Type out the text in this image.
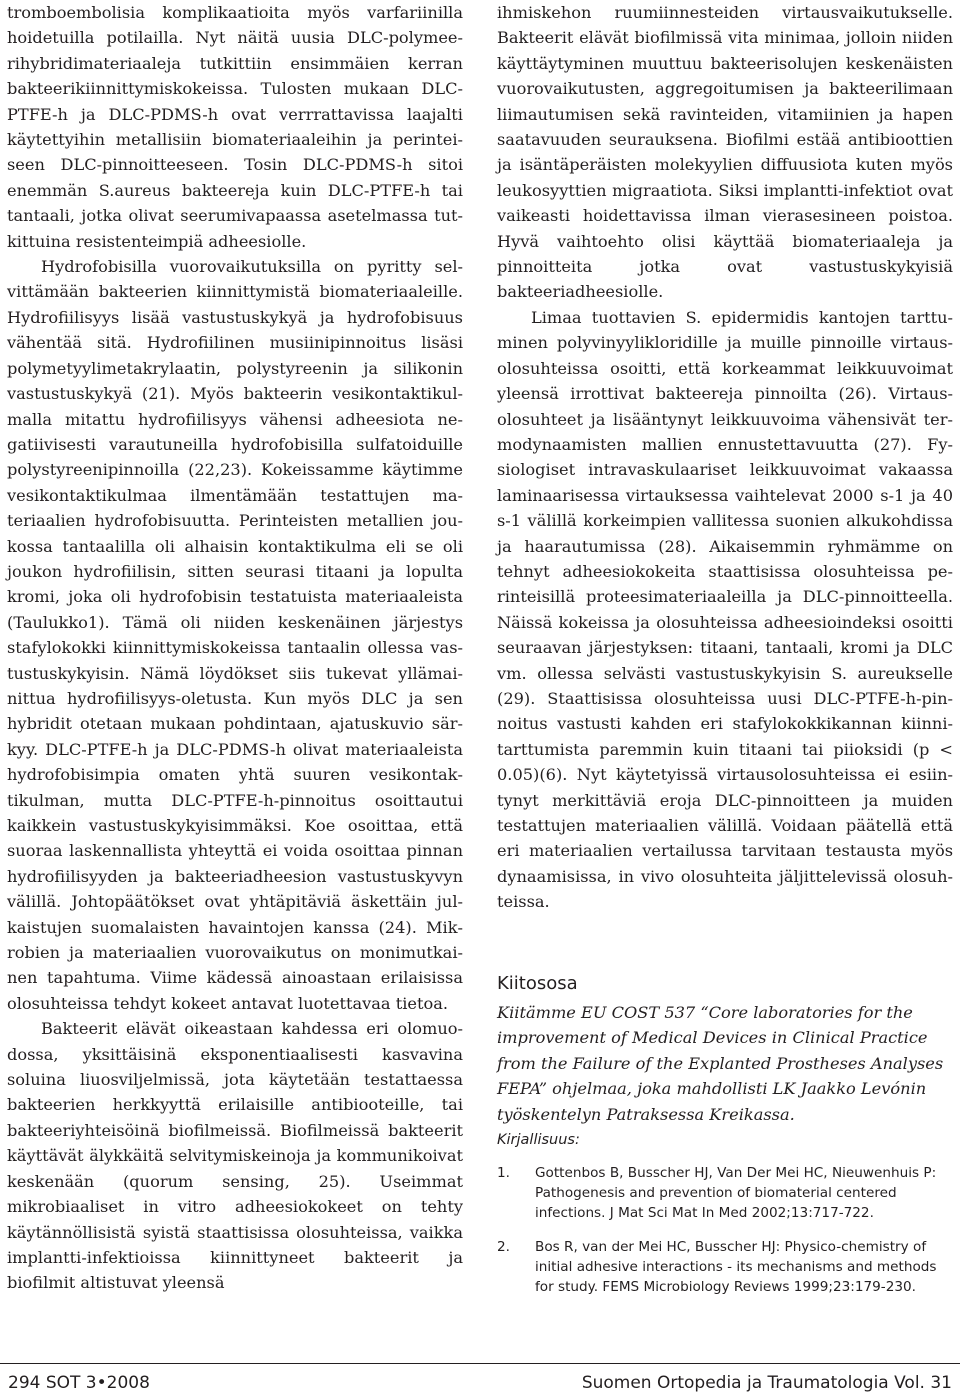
tromboembolisia komplikaatioita myös varfariinilla hoidetuilla potilailla. Nyt näitä uusia DLC-polymeerihybridimateriaaleja tutkittiin ensimmäien kerran bakteerikiinnittymiskokeissa. Tulosten mukaan DLC-PTFE-h ja DLC-PDMS-h ovat verrrattavissa laajalti käytettyihin metallisiin biomateriaaleihin ja perinteiseen DLC-pinnoitteeseen. Tosin DLC-PDMS-h sitoi enemmän S.aureus bakteereja kuin DLC-PTFE-h tai tantaali, jotka olivat seerumivapaassa asetelmassa tutkittuina resistenteimpiä adheesiolle.

Hydrofobisilla vuorovaikutuksilla on pyritty selvittämään bakteerien kiinnittymistä biomateriaaleille. Hydrofiilisyys lisää vastustuskykyä ja hydrofobisuus vähentää sitä. Hydrofiilinen musiinipinnoitus lisäsi polymetyylimetakrylaatin, polystyreenin ja silikonin vastustuskykyä (21). Myös bakteerin vesikontaktikulmalla mitattu hydrofiilisyys vähensi adheesiota negatiivisesti varautuneilla hydrofobisilla sulfatoiduille polystyreenipinnoilla (22,23). Kokeissamme käytimme vesikontaktikulmaa ilmentämään testattujen materiaalien hydrofobisuutta. Perinteisten metallien joukossa tantaalilla oli alhaisin kontaktikulma eli se oli joukon hydrofiilisin, sitten seurasi titaani ja lopulta kromi, joka oli hydrofobisin testatuista materiaaleista (Taulukko1). Tämä oli niiden keskenäinen järjestys stafylokokki kiinnittymiskokeissa tantaalin ollessa vastustuskykyisin. Nämä löydökset siis tukevat yllämainittua hydrofiilisyys-oletusta. Kun myös DLC ja sen hybridit otetaan mukaan pohdintaan, ajatuskuvio särkyy. DLC-PTFE-h ja DLC-PDMS-h olivat materiaaleista hydrofobisimpia omaten yhtä suuren vesikontaktikulman, mutta DLC-PTFE-h-pinnoitus osoittautui kaikkein vastustuskykyisimmäksi. Koe osoittaa, että suoraa laskennallista yhteyttä ei voida osoittaa pinnan hydrofiilisyyden ja bakteeriadheesion vastustuskyvyn välillä. Johtopäätökset ovat yhtäpitäviä äskettäin julkaistujen suomalaisten havaintojen kanssa (24). Mikrobien ja materiaalien vuorovaikutus on monimutkainen tapahtuma. Viime kädessä ainoastaan erilaisissa olosuhteissa tehdyt kokeet antavat luotettavaa tietoa.

Bakteerit elävät oikeastaan kahdessa eri olomuodossa, yksittäisinä eksponentiaalisesti kasvavina soluina liuosviljelmissä, jota käytetään testattaessa bakteerien herkkyyttä erilaisille antibiooteille, tai bakteeriyhteisöinä biofilmeissä. Biofilmeissä bakteerit käyttävät älykkäitä selvitymiskeinoja ja kommunikoivat keskenään (quorum sensing, 25). Useimmat mikrobiaaliset in vitro adheesiokokeet on tehty käytännöllisistä syistä staattisissa olosuhteissa, vaikka implantti-infektioissa kiinnittyneet bakteerit ja biofilmit altistuvat yleensä

ihmiskehon ruumiinnesteiden virtausvaikutukselle. Bakteerit elävät biofilmissä vita minimaa, jolloin niiden käyttäytyminen muuttuu bakteerisolujen keskenäisten vuorovaikutusten, aggregoitumisen ja bakteerilimaan liimautumisen sekä ravinteiden, vitamiinien ja hapen saatavuuden seurauksena. Biofilmi estää antibioottien ja isäntäperäisten molekyylien diffuusiota kuten myös leukosyyttien migraatiota. Siksi implantti-infektiot ovat vaikeasti hoidettavissa ilman vierasesineen poistoa. Hyvä vaihtoehto olisi käyttää biomateriaaleja ja pinnoitteita jotka ovat vastustuskykyisiä bakteeriadheesiolle.

Limaa tuottavien S. epidermidis kantojen tarttuminen polyvinyylikloridille ja muille pinnoille virtausolosuhteissa osoitti, että korkeammat leikkuuvoimat yleensä irrottivat bakteereja pinnoilta (26). Virtausolosuhteet ja lisääntynyt leikkuuvoima vähensivät termodynaamisten mallien ennustettavuutta (27). Fysiologiset intravaskulaariset leikkuuvoimat vakaassa laminaarisessa virtauksessa vaihtelevat 2000 s-1 ja 40 s-1 välillä korkeimpien vallitessa suonien alkukohdissa ja haarautumissa (28). Aikaisemmin ryhmämme on tehnyt adheesiokokeita staattisissa olosuhteissa perinteisillä proteesimateriaaleilla ja DLC-pinnoitteella. Näissä kokeissa ja olosuhteissa adheesioindeksi osoitti seuraavan järjestyksen: titaani, tantaali, kromi ja DLC vm. ollessa selvästi vastustuskykyisin S. aureukselle (29). Staattisissa olosuhteissa uusi DLC-PTFE-h-pinnoitus vastusti kahden eri stafylokokkikannan kiinnitarttumista paremmin kuin titaani tai piioksidi (p < 0.05)(6). Nyt käytetyissä virtausolosuhteissa ei esiintynyt merkittäviä eroja DLC-pinnoitteen ja muiden testattujen materiaalien välillä. Voidaan päätellä että eri materiaalien vertailussa tarvitaan testausta myös dynaamisissa, in vivo olosuhteita jäljittelevissä olosuhteissa.

Kiitososa

Kiitämme EU COST 537 “Core laboratories for the improvement of Medical Devices in Clinical Practice from the Failure of the Explanted Prostheses Analyses FEPA” ohjelmaa, joka mahdollisti LK Jaakko Levónin työskentelyn Patraksessa Kreikassa.

Kirjallisuus:
1.	Gottenbos B, Busscher HJ, Van Der Mei HC, Nieuwenhuis P: Pathogenesis and prevention of biomaterial centered infections. J Mat Sci Mat In Med 2002;13:717-722.
2.	Bos R, van der Mei HC, Busscher HJ: Physico-chemistry of initial adhesive interactions - its mechanisms and methods for study. FEMS Microbiology Reviews 1999;23:179-230.
294 SOT 3•2008	Suomen Ortopedia ja Traumatologia Vol. 31
